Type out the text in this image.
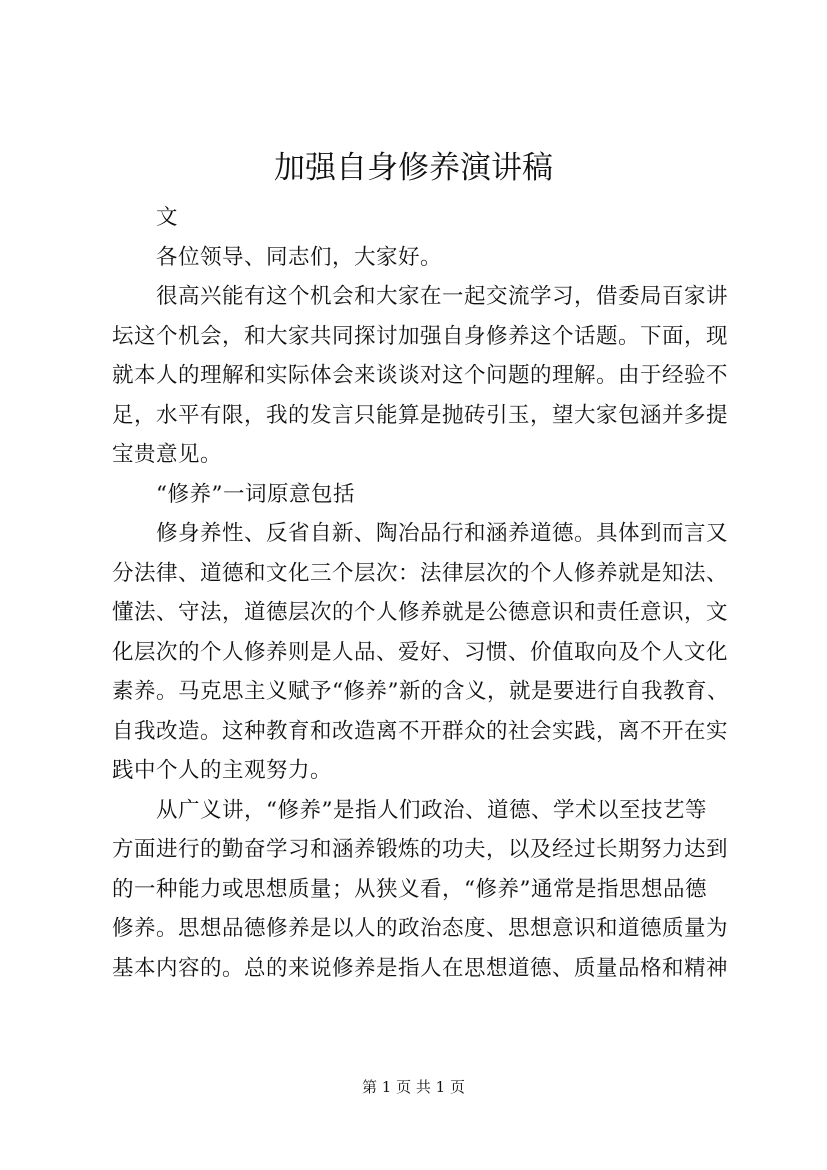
加强自身修养演讲稿
文
各位领导、同志们，大家好。
很高兴能有这个机会和大家在一起交流学习，借委局百家讲
坛这个机会，和大家共同探讨加强自身修养这个话题。下面，现
就本人的理解和实际体会来谈谈对这个问题的理解。由于经验不
足，水平有限，我的发言只能算是抛砖引玉，望大家包涵并多提
宝贵意见。
“修养”一词原意包括
修身养性、反省自新、陶冶品行和涵养道德。具体到而言又
分法律、道德和文化三个层次：法律层次的个人修养就是知法、
懂法、守法，道德层次的个人修养就是公德意识和责任意识，文
化层次的个人修养则是人品、爱好、习惯、价值取向及个人文化
素养。马克思主义赋予“修养”新的含义，就是要进行自我教育、
自我改造。这种教育和改造离不开群众的社会实践，离不开在实
践中个人的主观努力。
从广义讲，“修养”是指人们政治、道德、学术以至技艺等
方面进行的勤奋学习和涵养锻炼的功夫，以及经过长期努力达到
的一种能力或思想质量；从狭义看，“修养”通常是指思想品德
修养。思想品德修养是以人的政治态度、思想意识和道德质量为
基本内容的。总的来说修养是指人在思想道德、质量品格和精神
第 1 页 共 1 页
